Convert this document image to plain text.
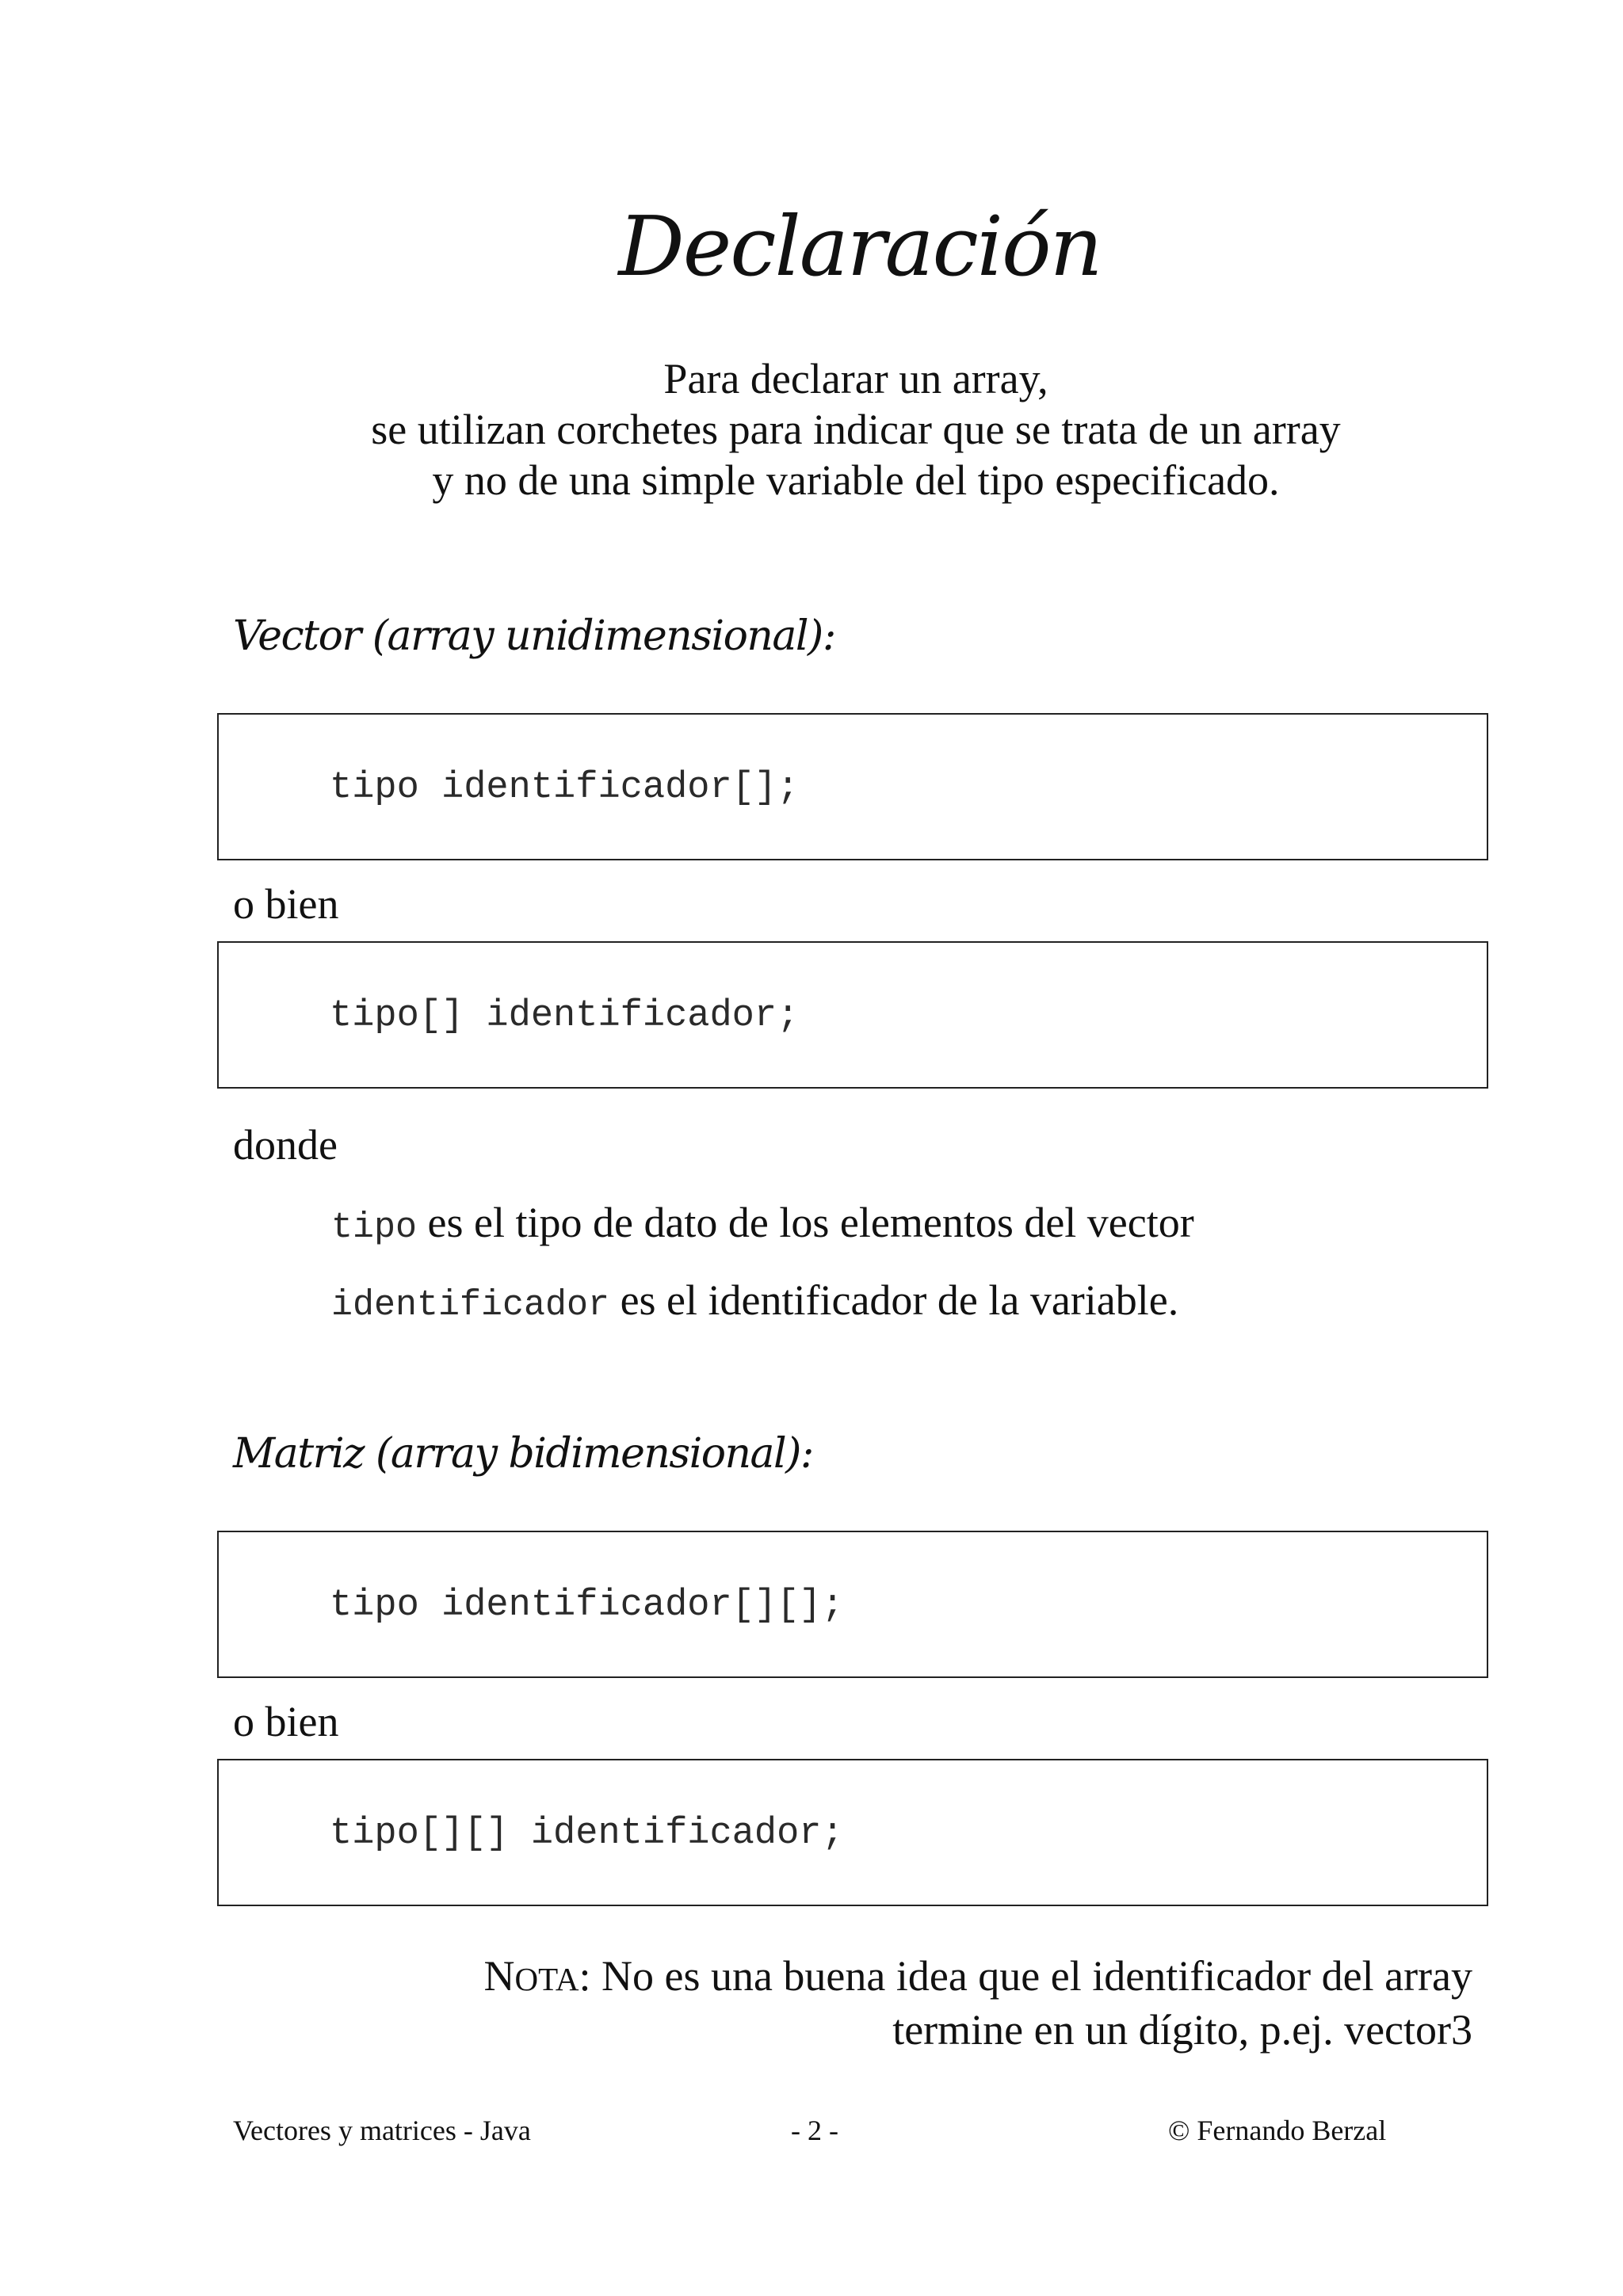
Declaración
Para declarar un array,
se utilizan corchetes para indicar que se trata de un array
y no de una simple variable del tipo especificado.
Vector (array unidimensional):
tipo identificador[];
o bien
tipo[] identificador;
donde
tipo es el tipo de dato de los elementos del vector
identificador es el identificador de la variable.
Matriz (array bidimensional):
tipo identificador[][];
o bien
tipo[][] identificador;
NOTA: No es una buena idea que el identificador del array
termine en un dígito, p.ej. vector3
Vectores y matrices - Java	- 2 -	© Fernando Berzal
